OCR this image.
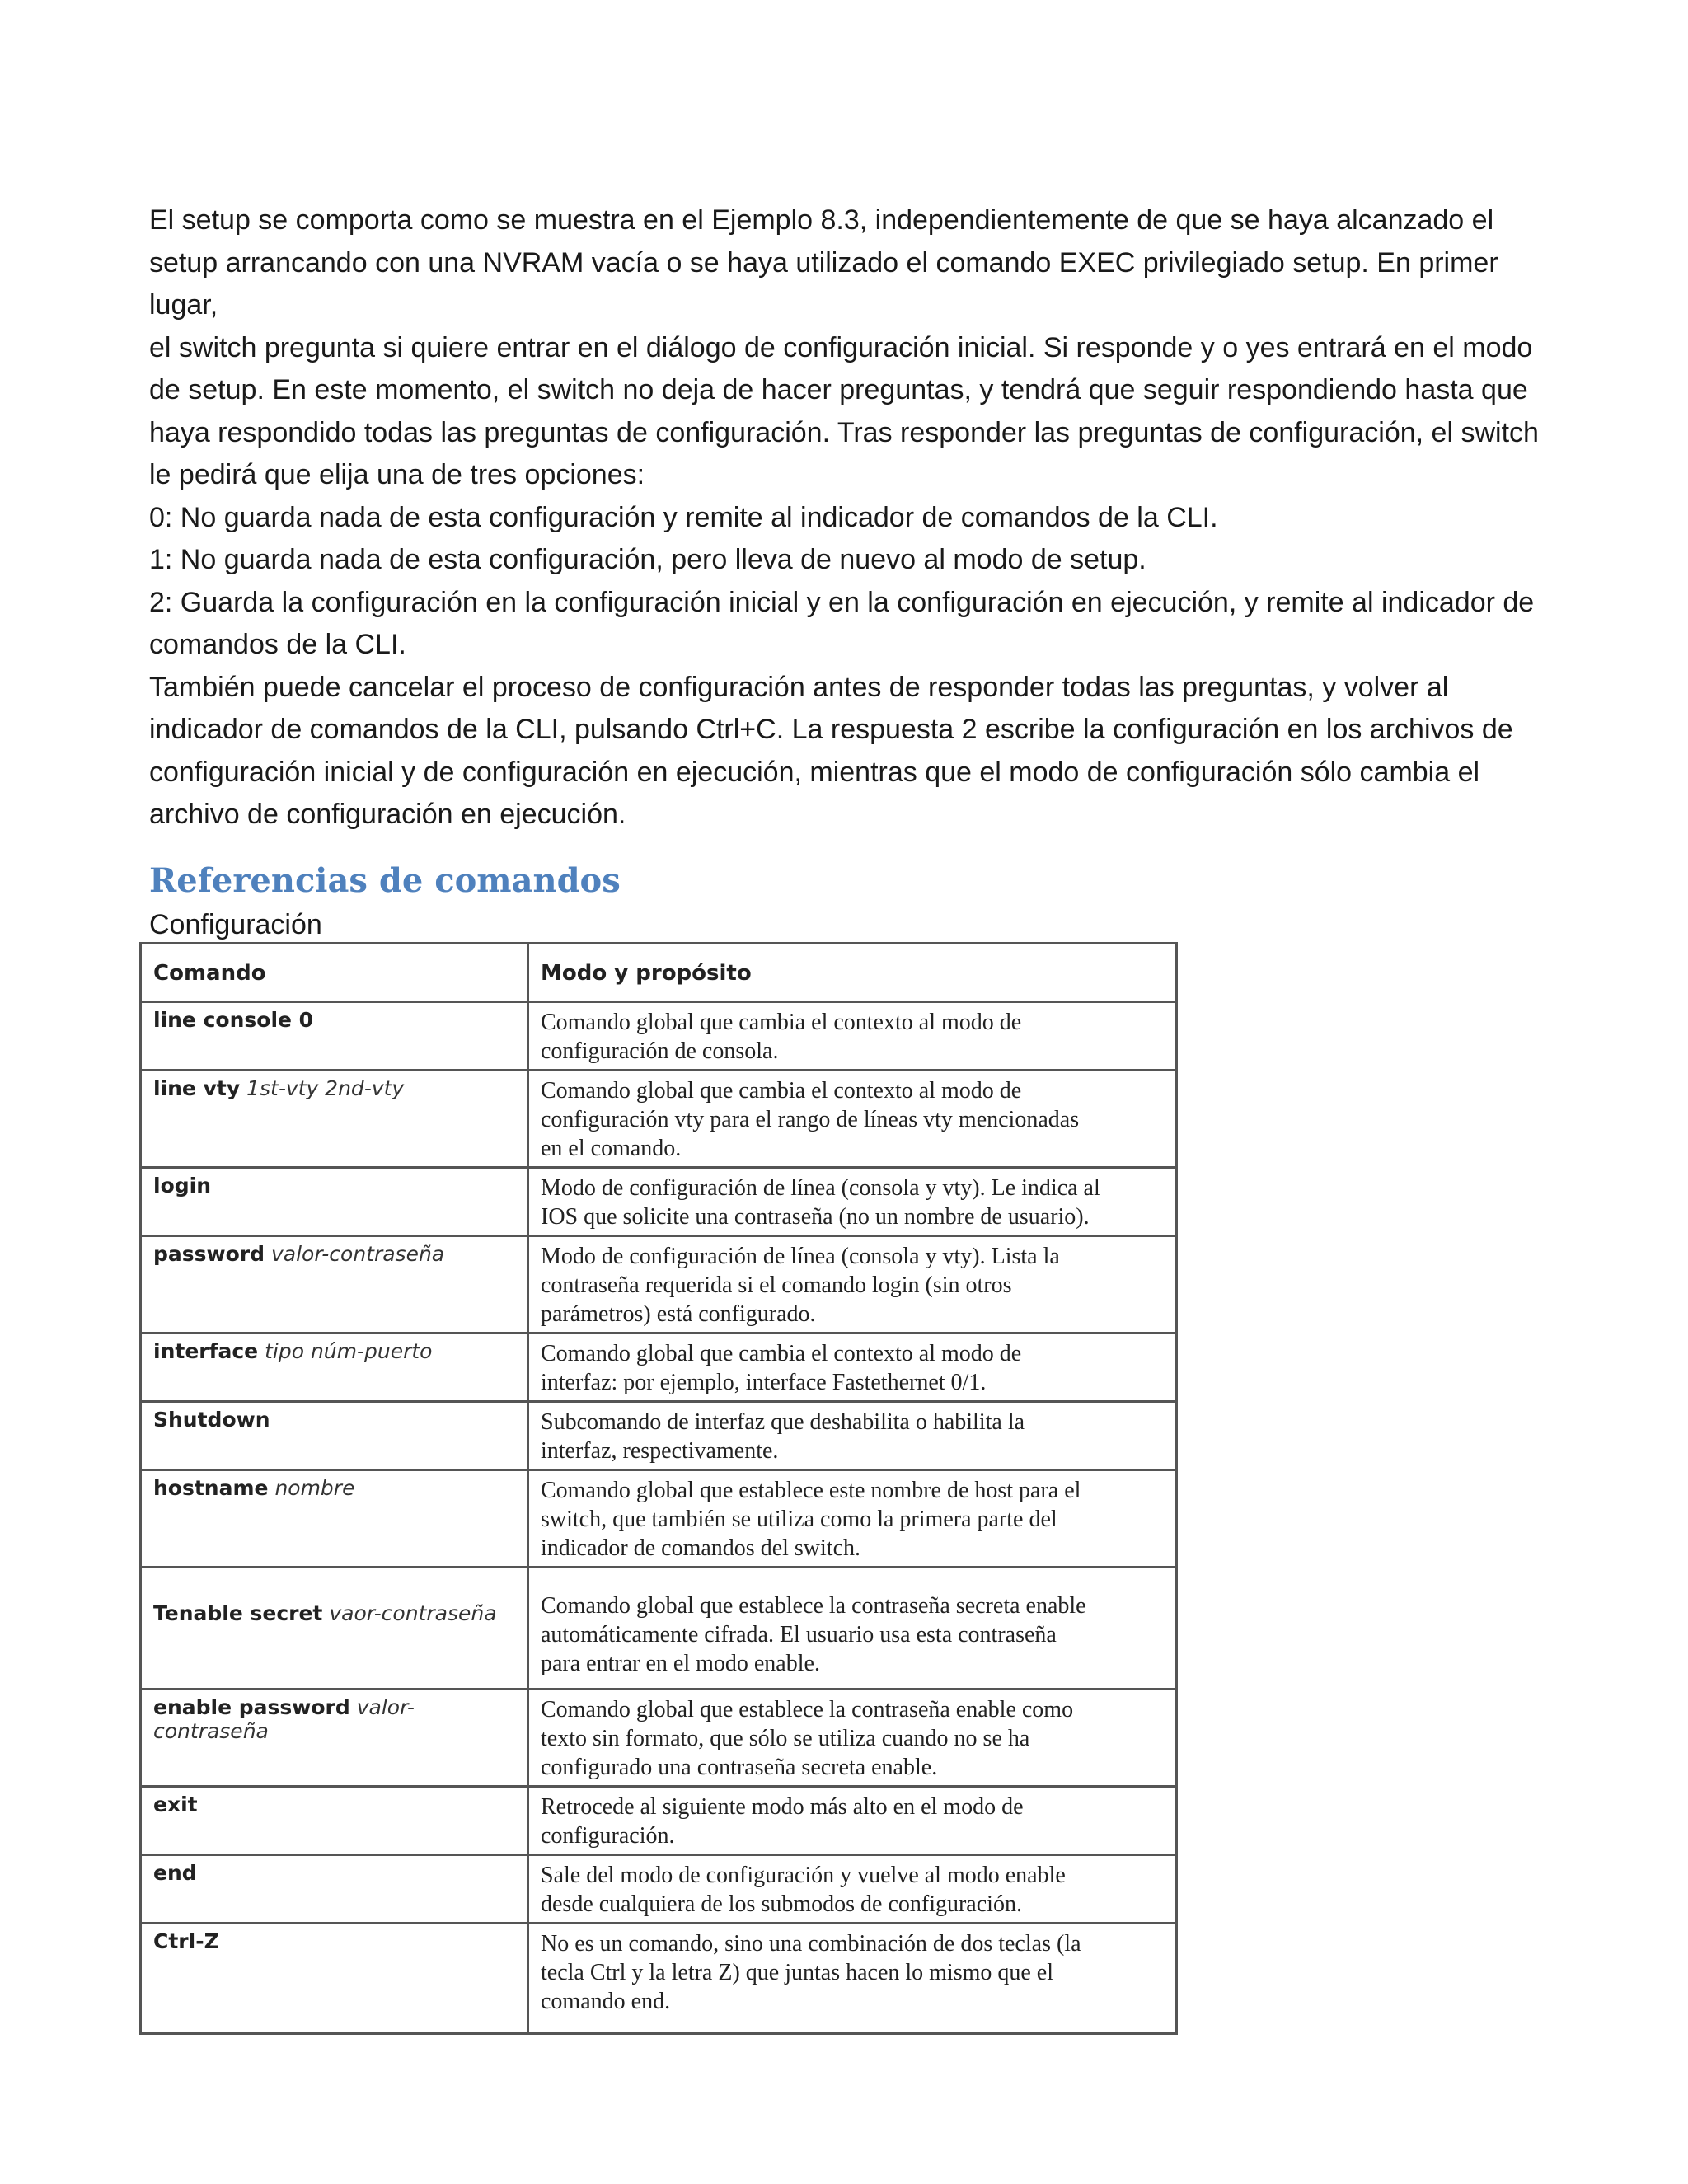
El setup se comporta como se muestra en el Ejemplo 8.3, independientemente de que se haya alcanzado el
setup arrancando con una NVRAM vacía o se haya utilizado el comando EXEC privilegiado setup. En primer lugar,
el switch pregunta si quiere entrar en el diálogo de configuración inicial. Si responde y o yes entrará en el modo
de setup. En este momento, el switch no deja de hacer preguntas, y tendrá que seguir respondiendo hasta que
haya respondido todas las preguntas de configuración. Tras responder las preguntas de configuración, el switch
le pedirá que elija una de tres opciones:
0: No guarda nada de esta configuración y remite al indicador de comandos de la CLI.
1: No guarda nada de esta configuración, pero lleva de nuevo al modo de setup.
2: Guarda la configuración en la configuración inicial y en la configuración en ejecución, y remite al indicador de
comandos de la CLI.
También puede cancelar el proceso de configuración antes de responder todas las preguntas, y volver al
indicador de comandos de la CLI, pulsando Ctrl+C. La respuesta 2 escribe la configuración en los archivos de
configuración inicial y de configuración en ejecución, mientras que el modo de configuración sólo cambia el
archivo de configuración en ejecución.
Referencias de comandos
Configuración
Comando	Modo y propósito
line console 0	Comando global que cambia el contexto al modo de
configuración de consola.

line vty 1st-vty 2nd-vty	Comando global que cambia el contexto al modo de
configuración vty para el rango de líneas vty mencionadas
en el comando.

login	Modo de configuración de línea (consola y vty). Le indica al
IOS que solicite una contraseña (no un nombre de usuario).

password valor-contraseña	Modo de configuración de línea (consola y vty). Lista la
contraseña requerida si el comando login (sin otros
parámetros) está configurado.

interface tipo núm-puerto	Comando global que cambia el contexto al modo de
interfaz: por ejemplo, interface Fastethernet 0/1.

Shutdown	Subcomando de interfaz que deshabilita o habilita la
interfaz, respectivamente.

hostname nombre	Comando global que establece este nombre de host para el
switch, que también se utiliza como la primera parte del
indicador de comandos del switch.

Tenable secret vaor-contraseña	Comando global que establece la contraseña secreta enable
automáticamente cifrada. El usuario usa esta contraseña
para entrar en el modo enable.

enable password valor-contraseña	Comando global que establece la contraseña enable como
texto sin formato, que sólo se utiliza cuando no se ha
configurado una contraseña secreta enable.

exit	Retrocede al siguiente modo más alto en el modo de
configuración.

end	Sale del modo de configuración y vuelve al modo enable
desde cualquiera de los submodos de configuración.

Ctrl-Z	No es un comando, sino una combinación de dos teclas (la
tecla Ctrl y la letra Z) que juntas hacen lo mismo que el
comando end.
